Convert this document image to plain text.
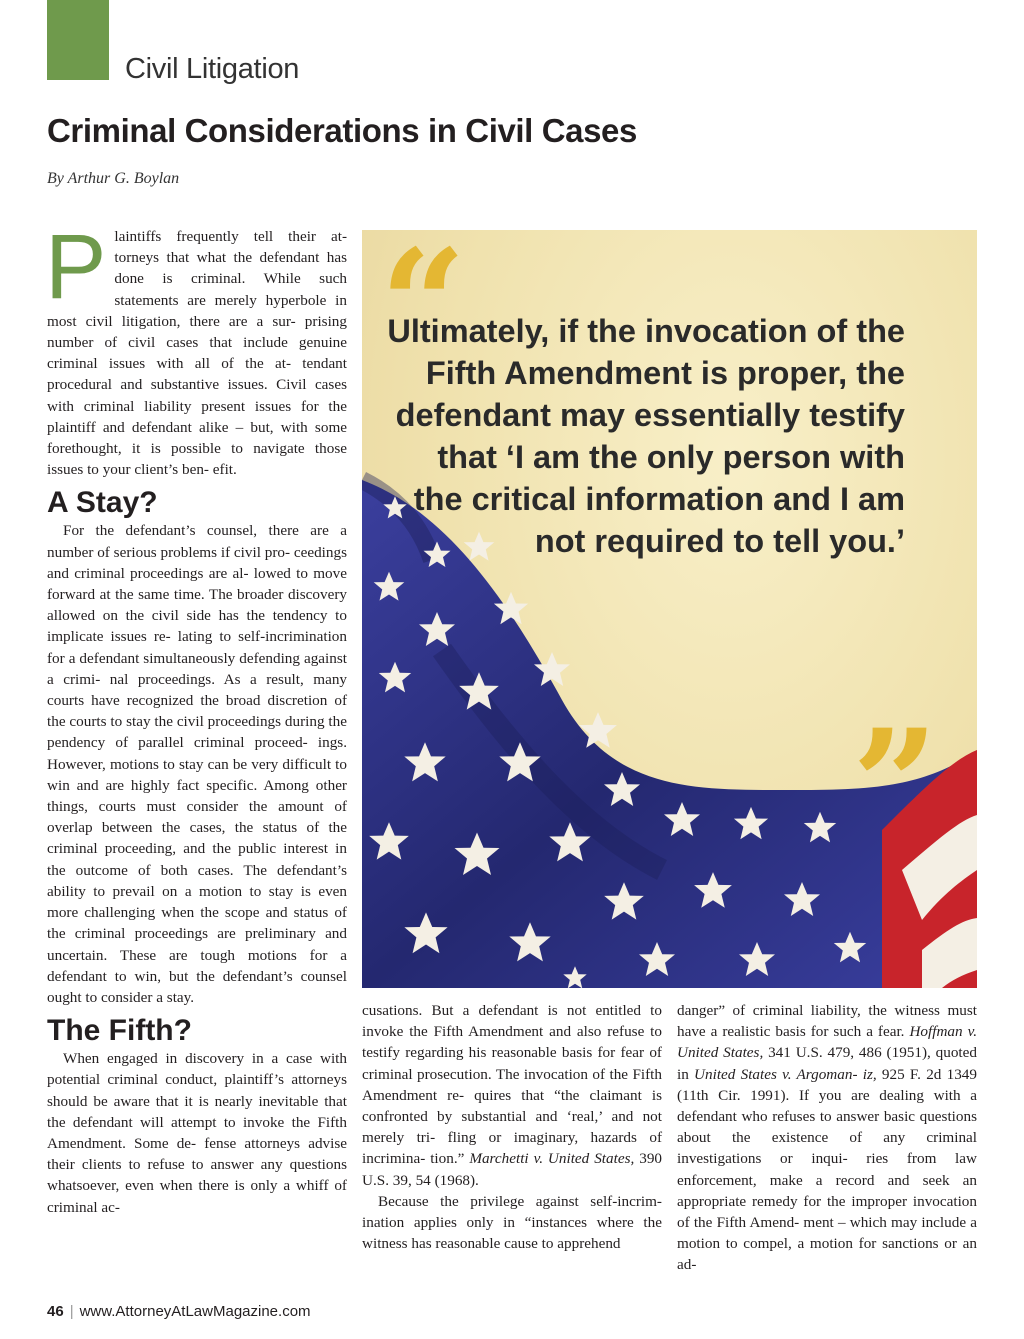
Civil Litigation
Criminal Considerations in Civil Cases
By Arthur G. Boylan
P laintiffs frequently tell their at- torneys that what the defendant has done is criminal. While such statements are merely hyperbole in most civil litigation, there are a sur- prising number of civil cases that include genuine criminal issues with all of the at- tendant procedural and substantive issues. Civil cases with criminal liability present issues for the plaintiff and defendant alike – but, with some forethought, it is possible to navigate those issues to your client’s ben- efit.

A Stay?

For the defendant’s counsel, there are a number of serious problems if civil pro- ceedings and criminal proceedings are al- lowed to move forward at the same time. The broader discovery allowed on the civil side has the tendency to implicate issues re- lating to self-incrimination for a defendant simultaneously defending against a crimi- nal proceedings. As a result, many courts have recognized the broad discretion of the courts to stay the civil proceedings during the pendency of parallel criminal proceed- ings. However, motions to stay can be very difficult to win and are highly fact specific. Among other things, courts must consider the amount of overlap between the cases, the status of the criminal proceeding, and the public interest in the outcome of both cases. The defendant’s ability to prevail on a motion to stay is even more challenging when the scope and status of the criminal proceedings are preliminary and uncertain. These are tough motions for a defendant to win, but the defendant’s counsel ought to consider a stay.

The Fifth?

When engaged in discovery in a case with potential criminal conduct, plaintiff’s attorneys should be aware that it is nearly inevitable that the defendant will attempt to invoke the Fifth Amendment. Some de- fense attorneys advise their clients to refuse to answer any questions whatsoever, even when there is only a whiff of criminal ac-

“
Ultimately, if the invocation of the Fifth Amendment is proper, the defendant may essentially testify that ‘I am the only person with the critical information and I am not required to tell you.’
”

cusations. But a defendant is not entitled to invoke the Fifth Amendment and also refuse to testify regarding his reasonable basis for fear of criminal prosecution. The invocation of the Fifth Amendment re- quires that “the claimant is confronted by substantial and ‘real,’ and not merely tri- fling or imaginary, hazards of incrimina- tion.” Marchetti v. United States, 390 U.S. 39, 54 (1968).

Because the privilege against self-incrim- ination applies only in “instances where the witness has reasonable cause to apprehend

danger” of criminal liability, the witness must have a realistic basis for such a fear. Hoffman v. United States, 341 U.S. 479, 486 (1951), quoted in United States v. Argoman- iz, 925 F. 2d 1349 (11th Cir. 1991). If you are dealing with a defendant who refuses to answer basic questions about the existence of any criminal investigations or inqui- ries from law enforcement, make a record and seek an appropriate remedy for the improper invocation of the Fifth Amend- ment – which may include a motion to compel, a motion for sanctions or an ad-

46 | www.AttorneyAtLawMagazine.com
